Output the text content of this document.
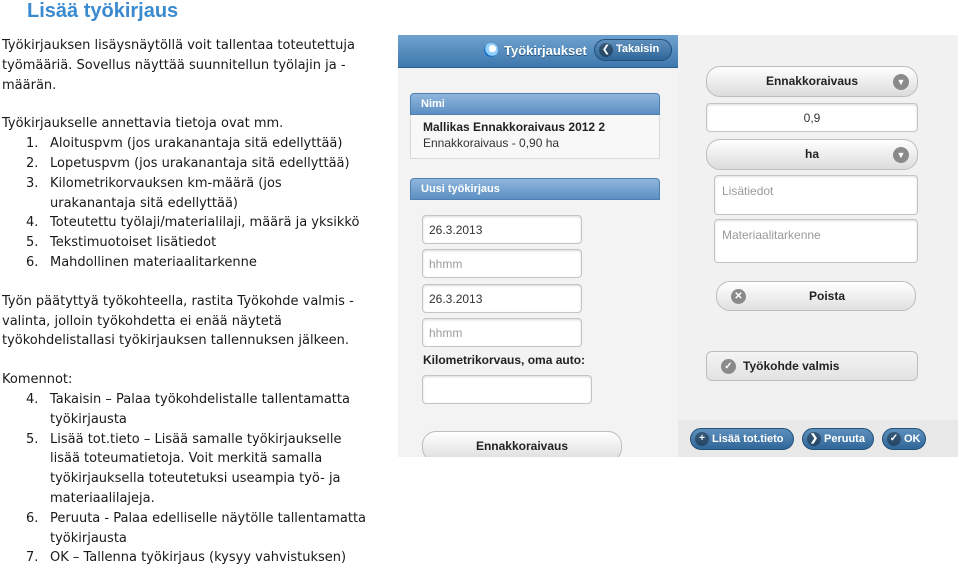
Lisää työkirjaus

Työkirjauksen lisäysnäytöllä voit tallentaa toteutettuja

työmääriä. Sovellus näyttää suunnitellun työlajin ja -

määrän.

Työkirjaukselle annettavia tietoja ovat mm.

1. Aloituspvm (jos urakanantaja sitä edellyttää)
2. Lopetuspvm (jos urakanantaja sitä edellyttää)
3. Kilometrikorvauksen km-määrä (jos
urakanantaja sitä edellyttää)
4. Toteutettu työlaji/materialilaji, määrä ja yksikkö
5. Tekstimuotoiset lisätiedot
6. Mahdollinen materiaalitarkenne

Työn päätyttyä työkohteella, rastita Työkohde valmis -

valinta, jolloin työkohdetta ei enää näytetä

työkohdelistallasi työkirjauksen tallennuksen jälkeen.

Komennot:

4. Takaisin – Palaa työkohdelistalle tallentamatta
työkirjausta
5. Lisää tot.tieto – Lisää samalle työkirjaukselle
lisää toteumatietoja. Voit merkitä samalla
työkirjauksella toteutetuksi useampia työ- ja
materiaalilajeja.
6. Peruuta - Palaa edelliselle näytölle tallentamatta
työkirjausta
7. OK – Tallenna työkirjaus (kysyy vahvistuksen)
Työkirjaukset ❮ Takaisin
Nimi
Mallikas Ennakkoraivaus 2012 2
Ennakkoraivaus - 0,90 ha
Uusi työkirjaus
26.3.2013
hhmm
26.3.2013
hhmm
Kilometrikorvaus, oma auto:
Ennakkoraivaus
Ennakkoraivaus	▼
0,9
ha	▼
Lisätiedot
Materiaalitarkenne
✕	Poista
✓ Työkohde valmis
+ Lisää tot.tieto	❯ Peruuta ✓ OK
